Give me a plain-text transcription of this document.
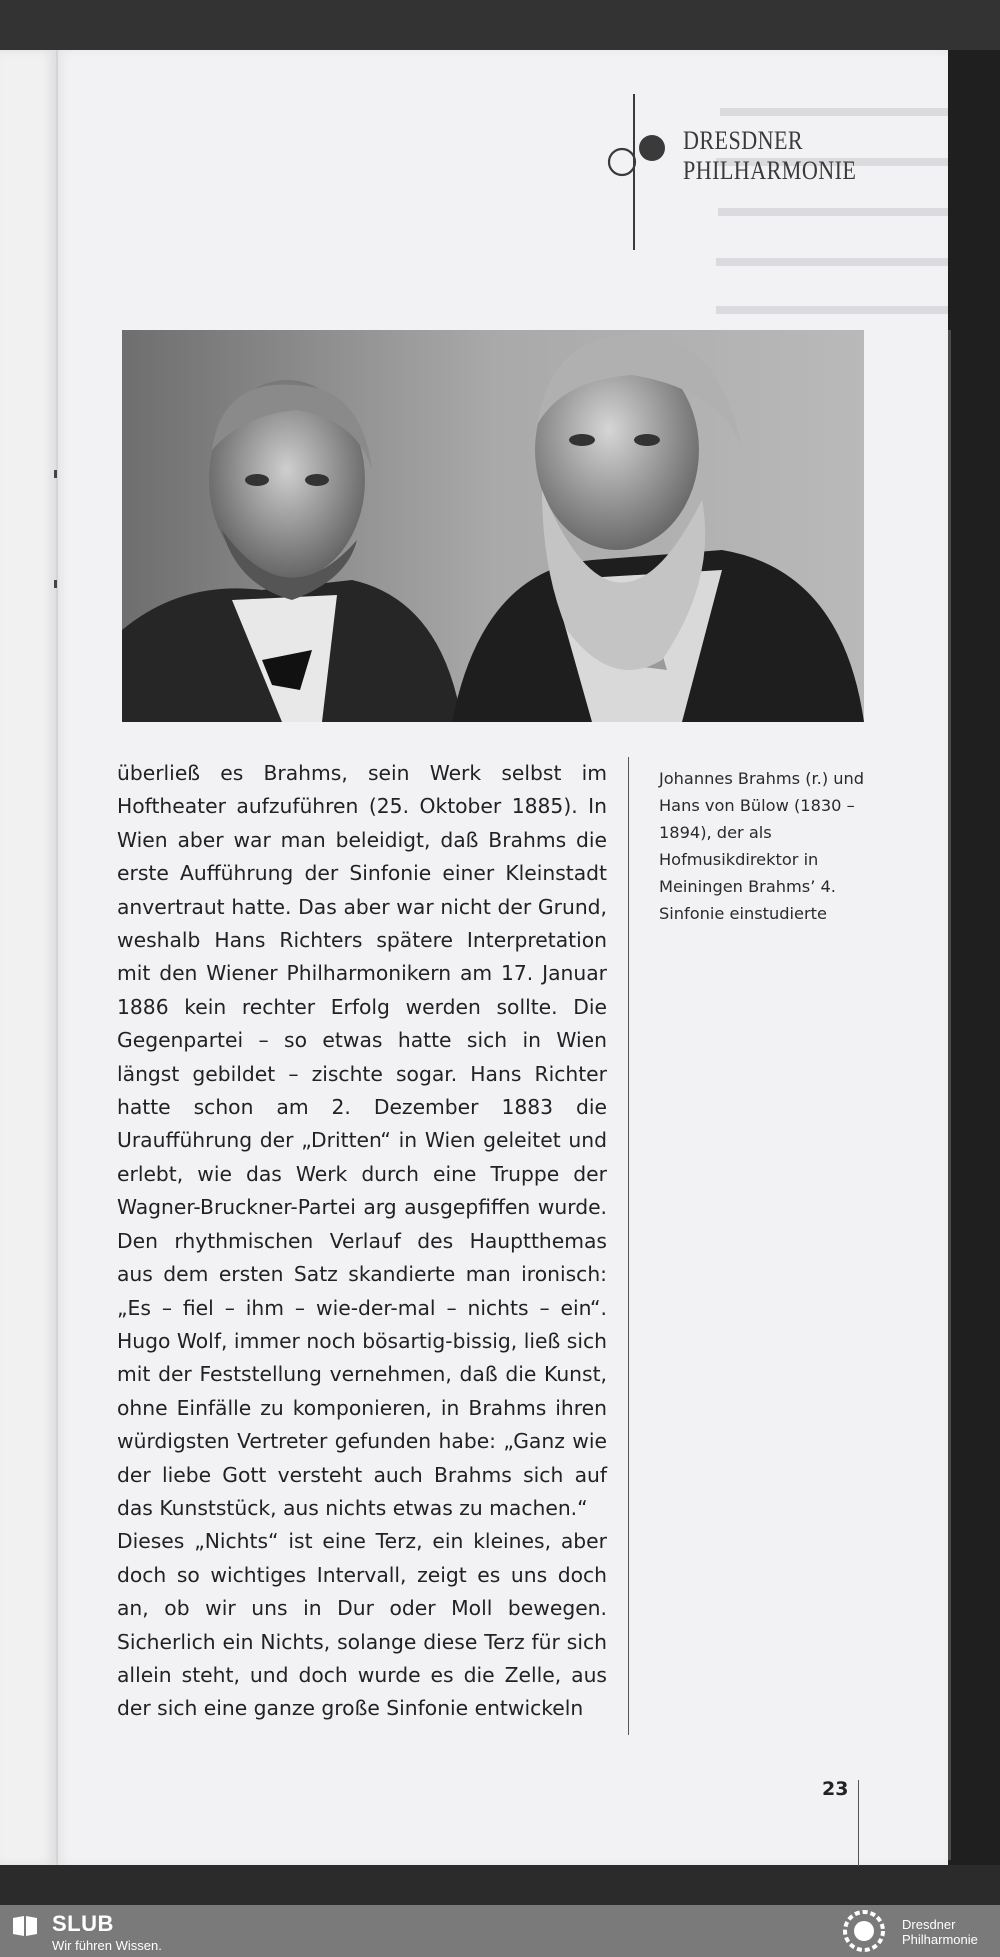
DRESDNER
PHILHARMONIE

überließ es Brahms, sein Werk selbst im Hoftheater aufzuführen (25. Oktober 1885). In Wien aber war man beleidigt, daß Brahms die erste Aufführung der Sinfonie einer Kleinstadt anvertraut hatte. Das aber war nicht der Grund, weshalb Hans Richters spätere Interpretation mit den Wiener Philharmonikern am 17. Januar 1886 kein rechter Erfolg werden sollte. Die Gegenpartei – so etwas hatte sich in Wien längst gebildet – zischte sogar. Hans Richter hatte schon am 2. Dezember 1883 die Uraufführung der „Dritten“ in Wien geleitet und erlebt, wie das Werk durch eine Truppe der Wagner-Bruckner-Partei arg ausgepfiffen wurde. Den rhythmischen Verlauf des Hauptthemas aus dem ersten Satz skandierte man ironisch: „Es – fiel – ihm – wie-der-mal – nichts – ein“. Hugo Wolf, immer noch bösartig-bissig, ließ sich mit der Feststellung vernehmen, daß die Kunst, ohne Einfälle zu komponieren, in Brahms ihren würdigsten Vertreter gefunden habe: „Ganz wie der liebe Gott versteht auch Brahms sich auf das Kunststück, aus nichts etwas zu machen.“

Dieses „Nichts“ ist eine Terz, ein kleines, aber doch so wichtiges Intervall, zeigt es uns doch an, ob wir uns in Dur oder Moll bewegen. Sicherlich ein Nichts, solange diese Terz für sich allein steht, und doch wurde es die Zelle, aus der sich eine ganze große Sinfonie entwickeln

Johannes Brahms (r.) und Hans von Bülow (1830 – 1894), der als Hofmusikdirektor in Meiningen Brahms’ 4. Sinfonie einstudierte
23
SLUB
Wir führen Wissen.
Dresdner
Philharmonie
